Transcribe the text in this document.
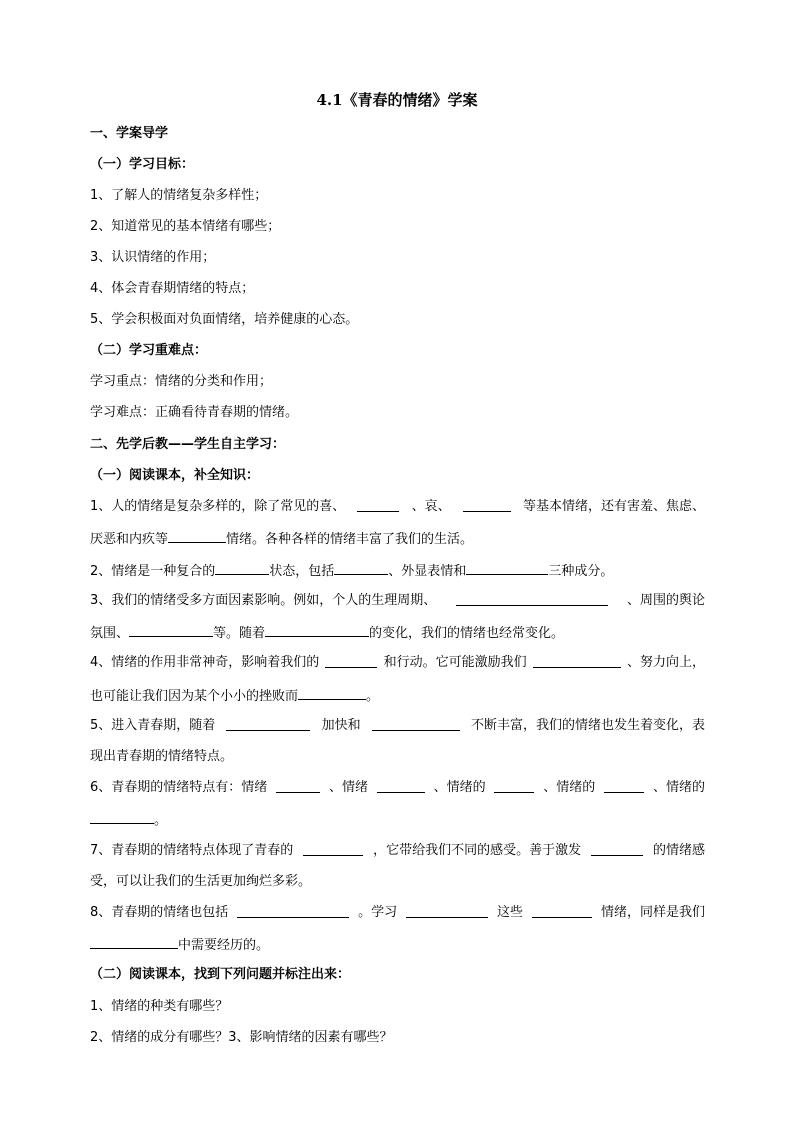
4.1《青春的情绪》学案
一、学案导学
（一）学习目标：
1、了解人的情绪复杂多样性；
2、知道常见的基本情绪有哪些；
3、认识情绪的作用；
4、体会青春期情绪的特点；
5、学会积极面对负面情绪，培养健康的心态。
（二）学习重难点：
学习重点：情绪的分类和作用；
学习难点：正确看待青春期的情绪。
二、先学后教——学生自主学习：
（一）阅读课本，补全知识：
1、人的情绪是复杂多样的，除了常见的喜、	、哀、	等基本情绪，还有害羞、焦虑、
厌恶和内疚等	情绪。各种各样的情绪丰富了我们的生活。
2、情绪是一种复合的	状态，包括	、外显表情和	三种成分。
3、我们的情绪受多方面因素影响。例如，个人的生理周期、	、周围的舆论
氛围、	等。随着	的变化，我们的情绪也经常变化。
4、情绪的作用非常神奇，影响着我们的	和行动。它可能激励我们	、努力向上，
也可能让我们因为某个小小的挫败而	。
5、进入青春期，随着	加快和	不断丰富，我们的情绪也发生着变化，表
现出青春期的情绪特点。
6、青春期的情绪特点有：情绪	、情绪	、情绪的	、情绪的	、情绪的
。
7、青春期的情绪特点体现了青春的	，它带给我们不同的感受。善于激发	的情绪感
受，可以让我们的生活更加绚烂多彩。
8、青春期的情绪也包括	。学习	这些	情绪，同样是我们
中需要经历的。
（二）阅读课本，找到下列问题并标注出来：
1、情绪的种类有哪些？
2、情绪的成分有哪些？3、影响情绪的因素有哪些？
